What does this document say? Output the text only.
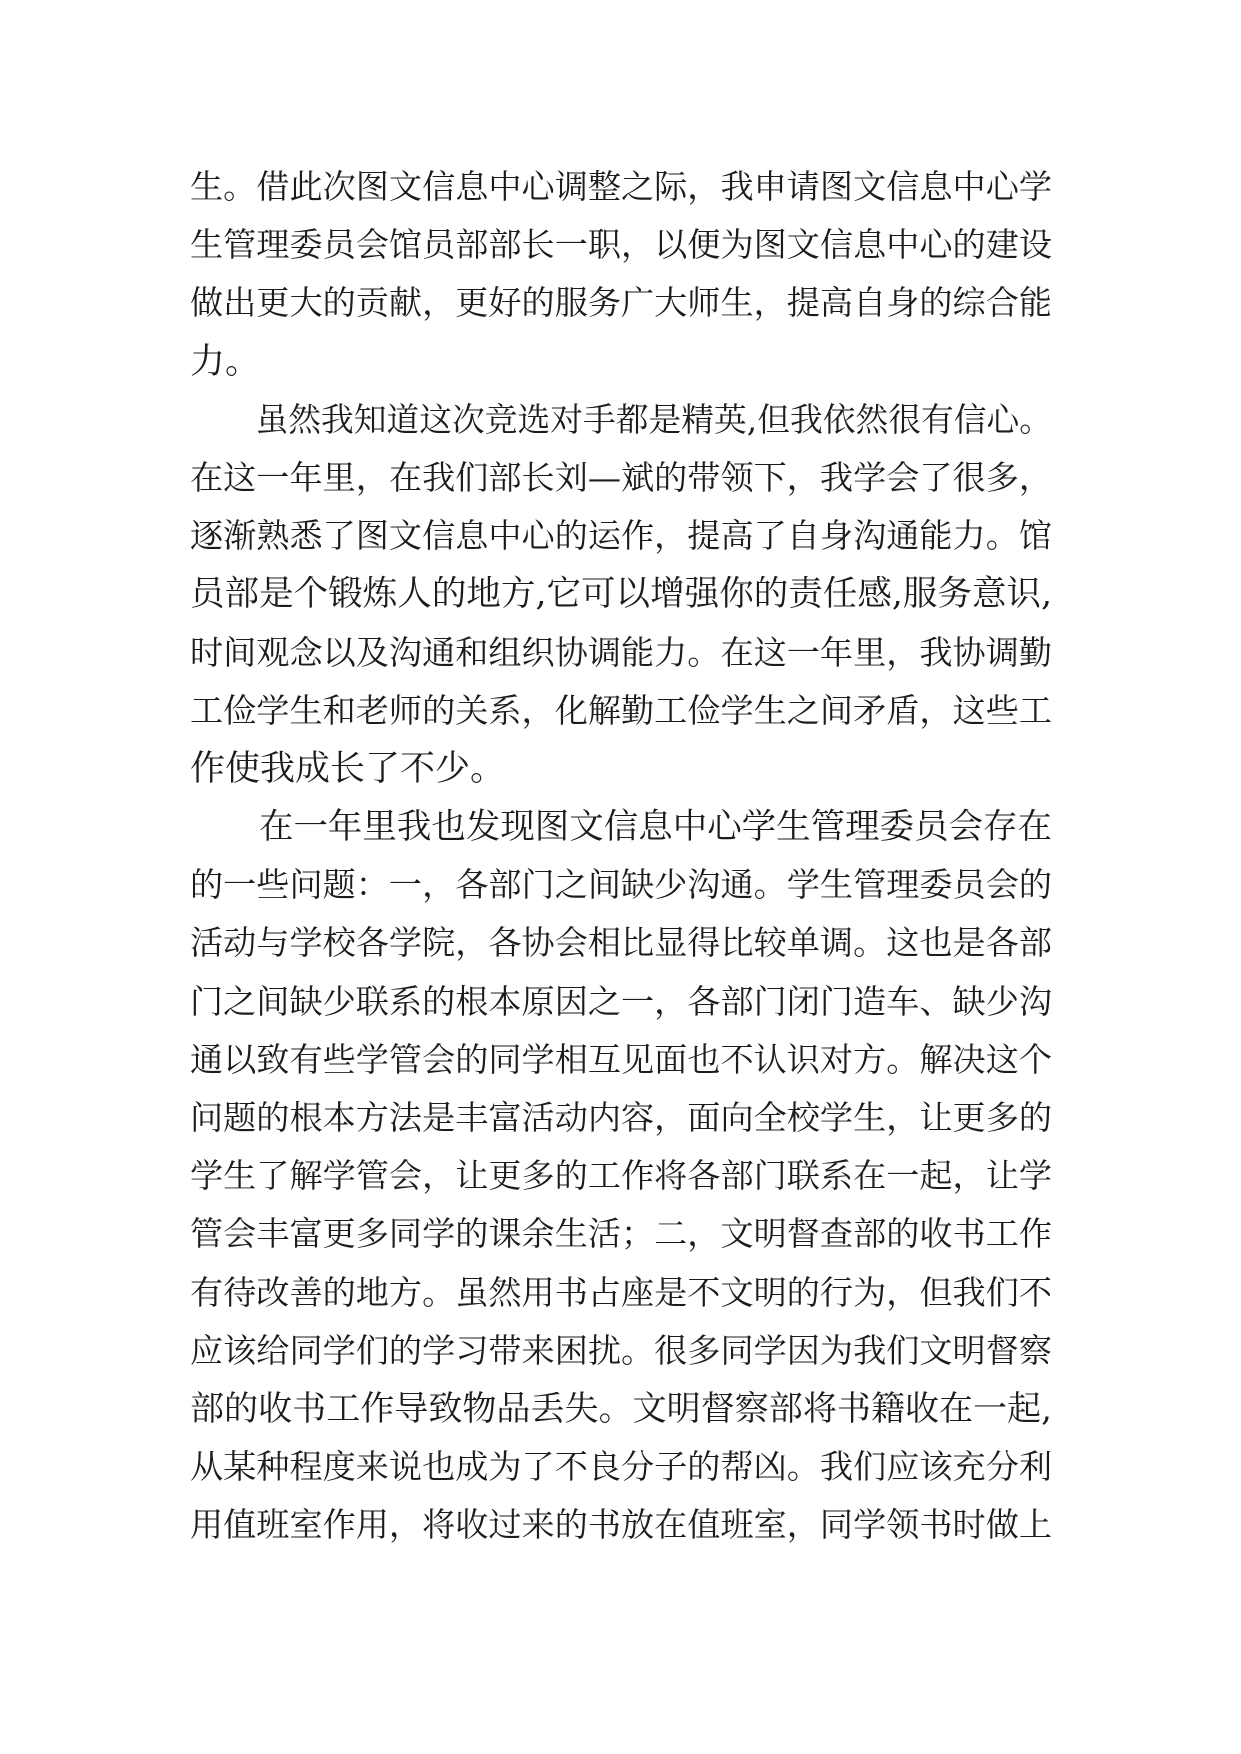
生。借此次图文信息中心调整之际，我申请图文信息中心学
生管理委员会馆员部部长一职，以便为图文信息中心的建设
做出更大的贡献，更好的服务广大师生，提高自身的综合能
力。
　　虽然我知道这次竞选对手都是精英,但我依然很有信心。
在这一年里，在我们部长刘—斌的带领下，我学会了很多，
逐渐熟悉了图文信息中心的运作，提高了自身沟通能力。馆
员部是个锻炼人的地方,它可以增强你的责任感,服务意识,
时间观念以及沟通和组织协调能力。在这一年里，我协调勤
工俭学生和老师的关系，化解勤工俭学生之间矛盾，这些工
作使我成长了不少。
　　在一年里我也发现图文信息中心学生管理委员会存在
的一些问题：一，各部门之间缺少沟通。学生管理委员会的
活动与学校各学院，各协会相比显得比较单调。这也是各部
门之间缺少联系的根本原因之一，各部门闭门造车、缺少沟
通以致有些学管会的同学相互见面也不认识对方。解决这个
问题的根本方法是丰富活动内容，面向全校学生，让更多的
学生了解学管会，让更多的工作将各部门联系在一起，让学
管会丰富更多同学的课余生活；二，文明督查部的收书工作
有待改善的地方。虽然用书占座是不文明的行为，但我们不
应该给同学们的学习带来困扰。很多同学因为我们文明督察
部的收书工作导致物品丢失。文明督察部将书籍收在一起,
从某种程度来说也成为了不良分子的帮凶。我们应该充分利
用值班室作用，将收过来的书放在值班室，同学领书时做上
